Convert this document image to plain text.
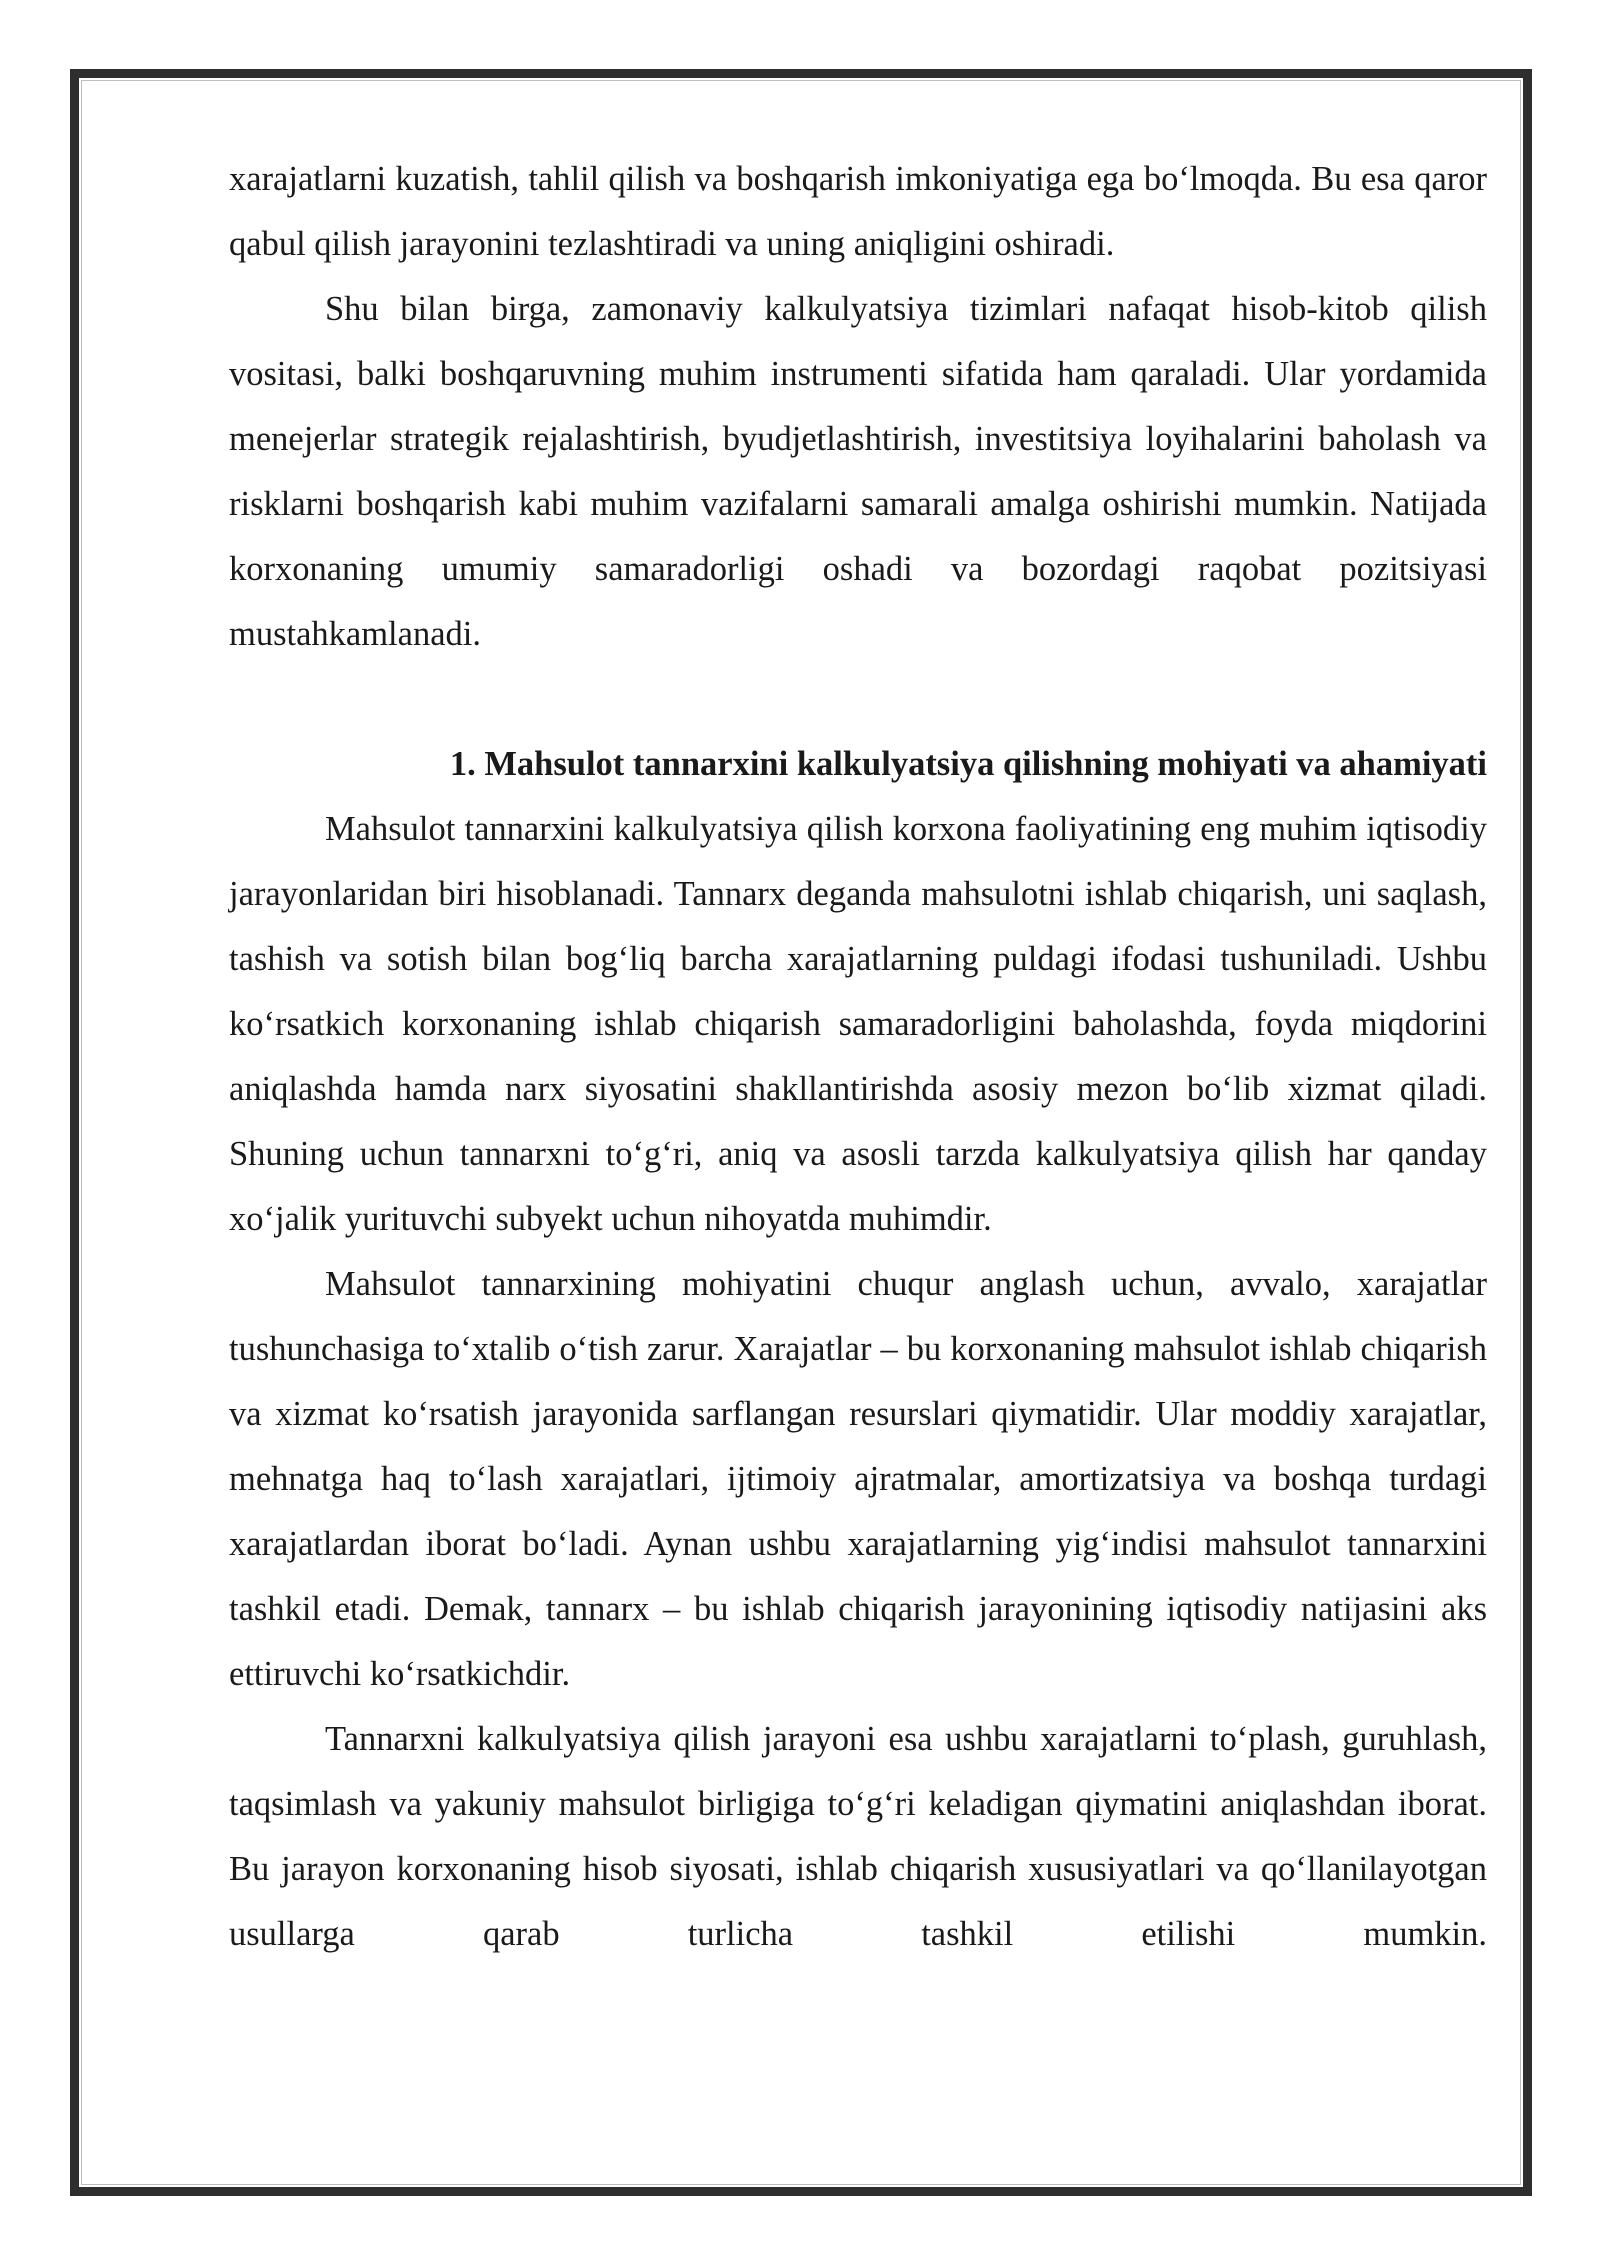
xarajatlarni kuzatish, tahlil qilish va boshqarish imkoniyatiga ega bo‘lmoqda. Bu esa qaror qabul qilish jarayonini tezlashtiradi va uning aniqligini oshiradi.

Shu bilan birga, zamonaviy kalkulyatsiya tizimlari nafaqat hisob-kitob qilish vositasi, balki boshqaruvning muhim instrumenti sifatida ham qaraladi. Ular yordamida menejerlar strategik rejalashtirish, byudjetlashtirish, investitsiya loyihalarini baholash va risklarni boshqarish kabi muhim vazifalarni samarali amalga oshirishi mumkin. Natijada korxonaning umumiy samaradorligi oshadi va bozordagi raqobat pozitsiyasi mustahkamlanadi.

1. Mahsulot tannarxini kalkulyatsiya qilishning mohiyati va ahamiyati

Mahsulot tannarxini kalkulyatsiya qilish korxona faoliyatining eng muhim iqtisodiy jarayonlaridan biri hisoblanadi. Tannarx deganda mahsulotni ishlab chiqarish, uni saqlash, tashish va sotish bilan bog‘liq barcha xarajatlarning puldagi ifodasi tushuniladi. Ushbu ko‘rsatkich korxonaning ishlab chiqarish samaradorligini baholashda, foyda miqdorini aniqlashda hamda narx siyosatini shakllantirishda asosiy mezon bo‘lib xizmat qiladi. Shuning uchun tannarxni to‘g‘ri, aniq va asosli tarzda kalkulyatsiya qilish har qanday xo‘jalik yurituvchi subyekt uchun nihoyatda muhimdir.

Mahsulot tannarxining mohiyatini chuqur anglash uchun, avvalo, xarajatlar tushunchasiga to‘xtalib o‘tish zarur. Xarajatlar – bu korxonaning mahsulot ishlab chiqarish va xizmat ko‘rsatish jarayonida sarflangan resurslari qiymatidir. Ular moddiy xarajatlar, mehnatga haq to‘lash xarajatlari, ijtimoiy ajratmalar, amortizatsiya va boshqa turdagi xarajatlardan iborat bo‘ladi. Aynan ushbu xarajatlarning yig‘indisi mahsulot tannarxini tashkil etadi. Demak, tannarx – bu ishlab chiqarish jarayonining iqtisodiy natijasini aks ettiruvchi ko‘rsatkichdir.

Tannarxni kalkulyatsiya qilish jarayoni esa ushbu xarajatlarni to‘plash, guruhlash, taqsimlash va yakuniy mahsulot birligiga to‘g‘ri keladigan qiymatini aniqlashdan iborat. Bu jarayon korxonaning hisob siyosati, ishlab chiqarish xususiyatlari va qo‘llanilayotgan usullarga qarab turlicha tashkil etilishi mumkin.
